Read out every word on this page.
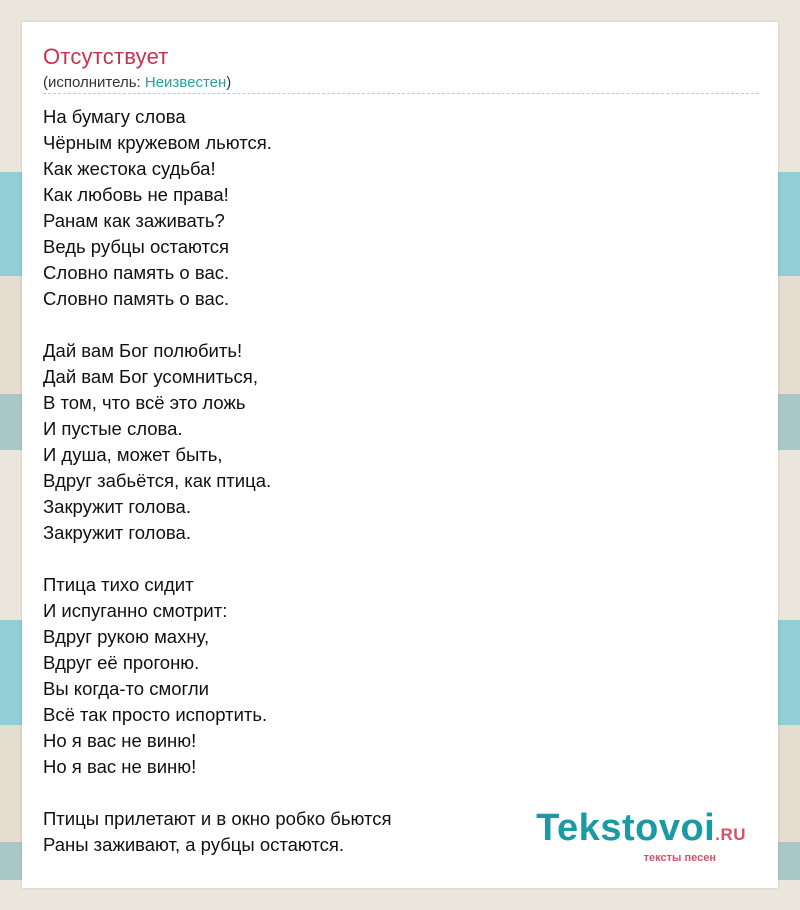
Отсутствует
(исполнитель: Неизвестен)
На бумагу слова
Чёрным кружевом льются.
Как жестока судьба!
Как любовь не права!
Ранам как заживать?
Ведь рубцы остаются
Словно память о вас.
Словно память о вас.
Дай вам Бог полюбить!
Дай вам Бог усомниться,
В том, что всё это ложь
И пустые слова.
И душа, может быть,
Вдруг забьётся, как птица.
Закружит голова.
Закружит голова.
Птица тихо сидит
И испуганно смотрит:
Вдруг рукою махну,
Вдруг её прогоню.
Вы когда-то смогли
Всё так просто испортить.
Но я вас не виню!
Но я вас не виню!
Птицы прилетают и в окно робко бьются
Раны заживают, а рубцы остаются.	Tekstovoi.RU
тексты песен
